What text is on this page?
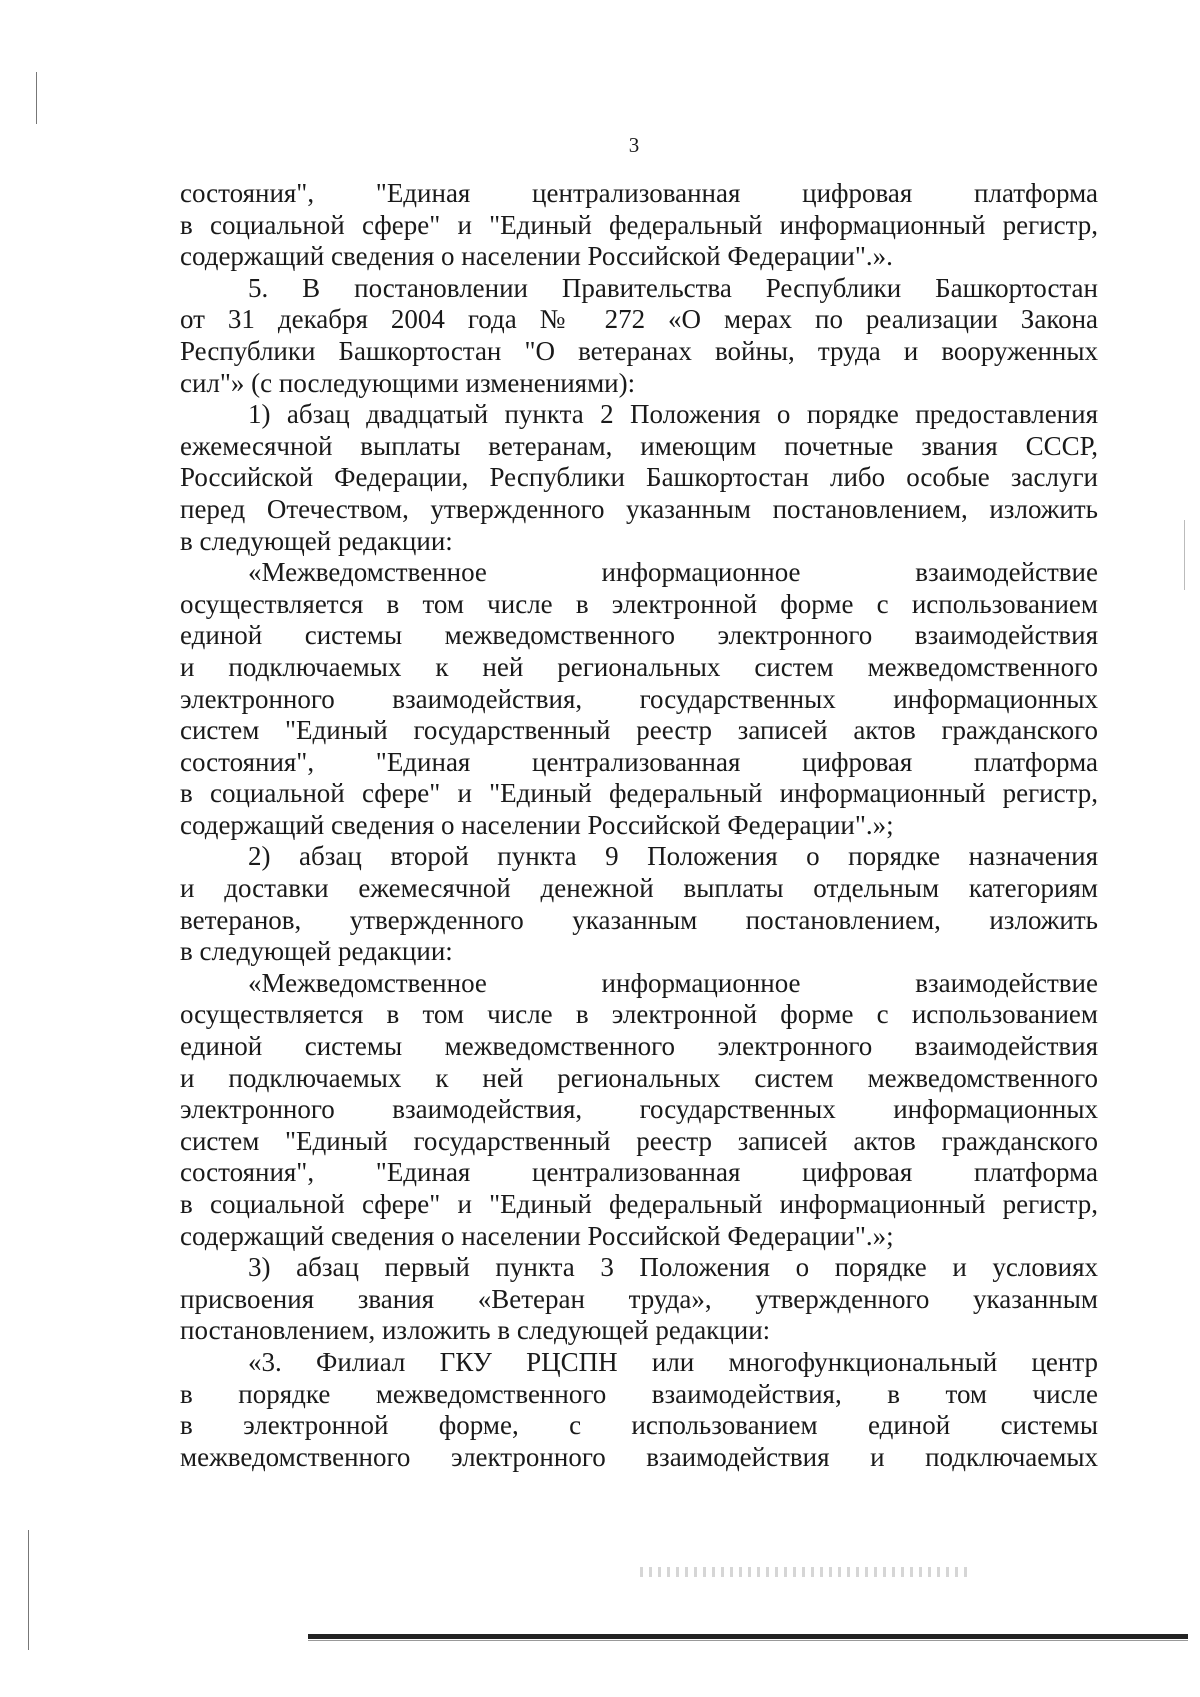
3
состояния", "Единая централизованная цифровая платформа
в социальной сфере" и "Единый федеральный информационный регистр,
содержащий сведения о населении Российской Федерации".».
5. В постановлении Правительства Республики Башкортостан
от 31 декабря 2004 года № 272 «О мерах по реализации Закона
Республики Башкортостан "О ветеранах войны, труда и вооруженных
сил"» (с последующими изменениями):
1) абзац двадцатый пункта 2 Положения о порядке предоставления
ежемесячной выплаты ветеранам, имеющим почетные звания СССР,
Российской Федерации, Республики Башкортостан либо особые заслуги
перед Отечеством, утвержденного указанным постановлением, изложить
в следующей редакции:
«Межведомственное информационное взаимодействие
осуществляется в том числе в электронной форме с использованием
единой системы межведомственного электронного взаимодействия
и подключаемых к ней региональных систем межведомственного
электронного взаимодействия, государственных информационных
систем "Единый государственный реестр записей актов гражданского
состояния", "Единая централизованная цифровая платформа
в социальной сфере" и "Единый федеральный информационный регистр,
содержащий сведения о населении Российской Федерации".»;
2) абзац второй пункта 9 Положения о порядке назначения
и доставки ежемесячной денежной выплаты отдельным категориям
ветеранов, утвержденного указанным постановлением, изложить
в следующей редакции:
«Межведомственное информационное взаимодействие
осуществляется в том числе в электронной форме с использованием
единой системы межведомственного электронного взаимодействия
и подключаемых к ней региональных систем межведомственного
электронного взаимодействия, государственных информационных
систем "Единый государственный реестр записей актов гражданского
состояния", "Единая централизованная цифровая платформа
в социальной сфере" и "Единый федеральный информационный регистр,
содержащий сведения о населении Российской Федерации".»;
3) абзац первый пункта 3 Положения о порядке и условиях
присвоения звания «Ветеран труда», утвержденного указанным
постановлением, изложить в следующей редакции:
«3. Филиал ГКУ РЦСПН или многофункциональный центр
в порядке межведомственного взаимодействия, в том числе
в электронной форме, с использованием единой системы
межведомственного электронного взаимодействия и подключаемых
